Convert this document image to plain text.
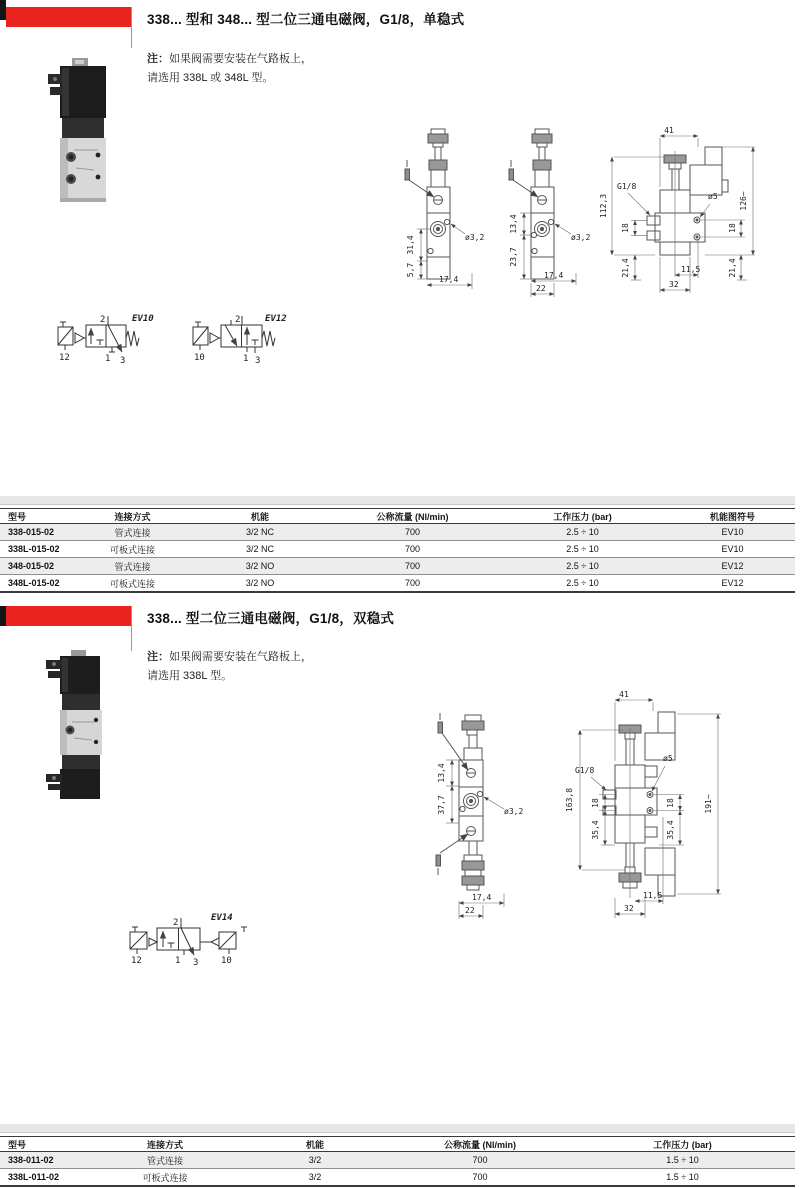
338... 型和 348... 型二位三通电磁阀，G1/8，单稳式
注：如果阀需要安装在气路板上，
请选用 338L 或 348L 型。
31,4
5,7
17,4
ø3,2
13,4
23,7
17,4
22
ø3,2
41
G1/8
ø5
112,3	126~
18	18
21,4	21,4
11,5
32
EV10
2
12	1 3
EV12
2
10	1 3
型号	连接方式	机能	公称流量 (Nl/min)	工作压力 (bar)	机能图符号
338-015-02	管式连接	3/2 NC	700	2.5 ÷ 10	EV10
338L-015-02	可板式连接	3/2 NC	700	2.5 ÷ 10	EV10
348-015-02	管式连接	3/2 NO	700	2.5 ÷ 10	EV12
348L-015-02	可板式连接	3/2 NO	700	2.5 ÷ 10	EV12
338... 型二位三通电磁阀，G1/8，双稳式
注：如果阀需要安装在气路板上，
请选用 338L 型。
13,4
37,7	ø3,2
17,4
22
41
G1/8
ø5
163,8 18
35,4
18
35,4
191~
11,5
32
EV14
2
12	1 3	10
型号	连接方式	机能	公称流量 (Nl/min)	工作压力 (bar)
338-011-02	管式连接	3/2	700	1.5 ÷ 10
338L-011-02	可板式连接	3/2	700	1.5 ÷ 10
